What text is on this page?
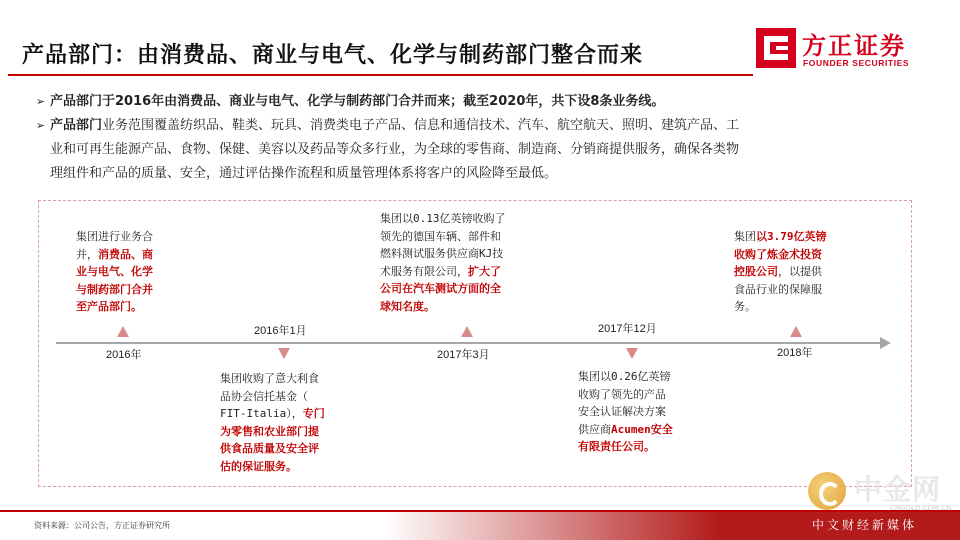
产品部门：由消费品、商业与电气、化学与制药部门整合而来	方正证券
FOUNDER SECURITIES
➢ 产品部门于2016年由消费品、商业与电气、化学与制药部门合并而来；截至2020年，共下设8条业务线。
➢ 产品部门业务范围覆盖纺织品、鞋类、玩具、消费类电子产品、信息和通信技术、汽车、航空航天、照明、建筑产品、工
业和可再生能源产品、食物、保健、美容以及药品等众多行业，为全球的零售商、制造商、分销商提供服务，确保各类物
理组件和产品的质量、安全，通过评估操作流程和质量管理体系将客户的风险降至最低。
2016年
2016年1月
2017年3月
2017年12月
2018年
集团进行业务合
并，消费品、商
业与电气、化学
与制药部门合并
至产品部门。
集团收购了意大利食
品协会信托基金（
FIT-Italia），专门
为零售和农业部门提
供食品质量及安全评
估的保证服务。
集团以0.13亿英镑收购了
领先的德国车辆、部件和
燃料测试服务供应商KJ技
术服务有限公司，扩大了
公司在汽车测试方面的全
球知名度。
集团以0.26亿英镑
收购了领先的产品
安全认证解决方案
供应商Acumen安全
有限责任公司。
集团以3.79亿英镑
收购了炼金术投资
控股公司，以提供
食品行业的保障服
务。
资料来源：公司公告，方正证券研究所
中金网
CNGOLD.COM.CN
中文财经新媒体
